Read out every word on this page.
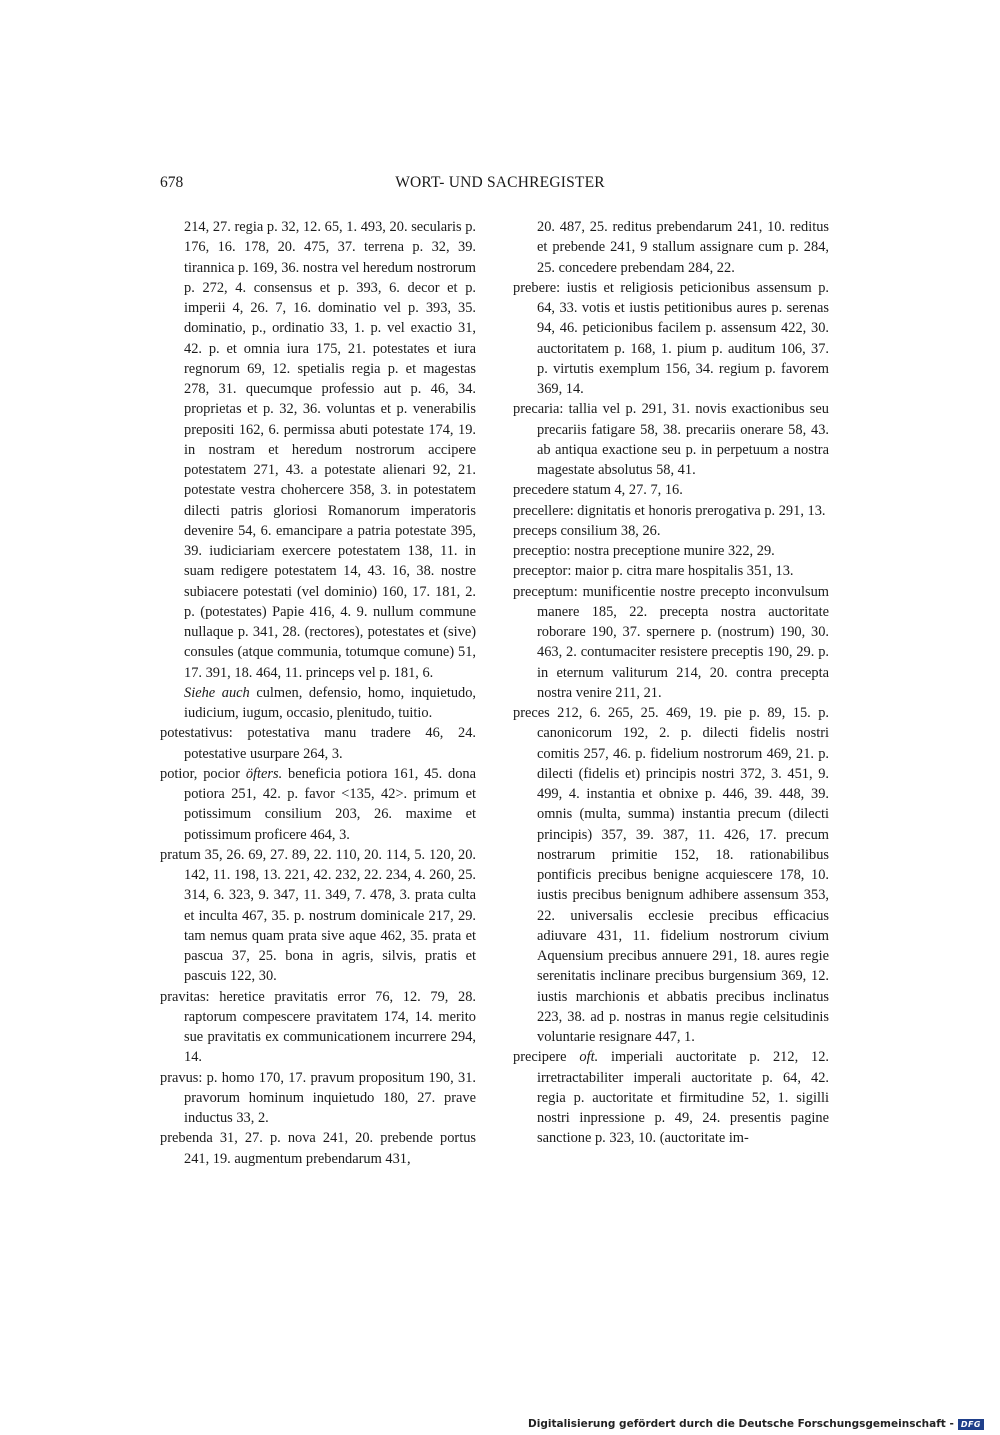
678	WORT- UND SACHREGISTER

214, 27. regia p. 32, 12. 65, 1. 493, 20. secularis p. 176, 16. 178, 20. 475, 37. terrena p. 32, 39. tirannica p. 169, 36. nostra vel heredum nostrorum p. 272, 4. consensus et p. 393, 6. decor et p. imperii 4, 26. 7, 16. dominatio vel p. 393, 35. dominatio, p., ordinatio 33, 1. p. vel exactio 31, 42. p. et omnia iura 175, 21. potestates et iura regnorum 69, 12. spetialis regia p. et magestas 278, 31. quecumque professio aut p. 46, 34. proprietas et p. 32, 36. voluntas et p. venerabilis prepositi 162, 6. permissa abuti potestate 174, 19. in nostram et heredum nostrorum accipere potestatem 271, 43. a potestate alienari 92, 21. potestate vestra chohercere 358, 3. in potestatem dilecti patris gloriosi Romanorum imperatoris devenire 54, 6. emancipare a patria potestate 395, 39. iudiciariam exercere potestatem 138, 11. in suam redigere potestatem 14, 43. 16, 38. nostre subiacere potestati (vel dominio) 160, 17. 181, 2. p. (potestates) Papie 416, 4. 9. nullum commune nullaque p. 341, 28. (rectores), potestates et (sive) consules (atque communia, totumque comune) 51, 17. 391, 18. 464, 11. princeps vel p. 181, 6.

Siehe auch culmen, defensio, homo, inquietudo, iudicium, iugum, occasio, plenitudo, tuitio.

potestativus: potestativa manu tradere 46, 24. potestative usurpare 264, 3.

potior, pocior öfters. beneficia potiora 161, 45. dona potiora 251, 42. p. favor <135, 42>. primum et potissimum consilium 203, 26. maxime et potissimum proficere 464, 3.

pratum 35, 26. 69, 27. 89, 22. 110, 20. 114, 5. 120, 20. 142, 11. 198, 13. 221, 42. 232, 22. 234, 4. 260, 25. 314, 6. 323, 9. 347, 11. 349, 7. 478, 3. prata culta et inculta 467, 35. p. nostrum dominicale 217, 29. tam nemus quam prata sive aque 462, 35. prata et pascua 37, 25. bona in agris, silvis, pratis et pascuis 122, 30.

pravitas: heretice pravitatis error 76, 12. 79, 28. raptorum compescere pravitatem 174, 14. merito sue pravitatis ex communicationem incurrere 294, 14.

pravus: p. homo 170, 17. pravum propositum 190, 31. pravorum hominum inquietudo 180, 27. prave inductus 33, 2.

prebenda 31, 27. p. nova 241, 20. prebende portus 241, 19. augmentum prebendarum 431,

20. 487, 25. reditus prebendarum 241, 10. reditus et prebende 241, 9 stallum assignare cum p. 284, 25. concedere prebendam 284, 22.

prebere: iustis et religiosis peticionibus assensum p. 64, 33. votis et iustis petitionibus aures p. serenas 94, 46. peticionibus facilem p. assensum 422, 30. auctoritatem p. 168, 1. pium p. auditum 106, 37. p. virtutis exemplum 156, 34. regium p. favorem 369, 14.

precaria: tallia vel p. 291, 31. novis exactionibus seu precariis fatigare 58, 38. precariis onerare 58, 43. ab antiqua exactione seu p. in perpetuum a nostra magestate absolutus 58, 41.

precedere statum 4, 27. 7, 16.

precellere: dignitatis et honoris prerogativa p. 291, 13.

preceps consilium 38, 26.

preceptio: nostra preceptione munire 322, 29.

preceptor: maior p. citra mare hospitalis 351, 13.

preceptum: munificentie nostre precepto inconvulsum manere 185, 22. precepta nostra auctoritate roborare 190, 37. spernere p. (nostrum) 190, 30. 463, 2. contumaciter resistere preceptis 190, 29. p. in eternum valiturum 214, 20. contra precepta nostra venire 211, 21.

preces 212, 6. 265, 25. 469, 19. pie p. 89, 15. p. canonicorum 192, 2. p. dilecti fidelis nostri comitis 257, 46. p. fidelium nostrorum 469, 21. p. dilecti (fidelis et) principis nostri 372, 3. 451, 9. 499, 4. instantia et obnixe p. 446, 39. 448, 39. omnis (multa, summa) instantia precum (dilecti principis) 357, 39. 387, 11. 426, 17. precum nostrarum primitie 152, 18. rationabilibus pontificis precibus benigne acquiescere 178, 10. iustis precibus benignum adhibere assensum 353, 22. universalis ecclesie precibus efficacius adiuvare 431, 11. fidelium nostrorum civium Aquensium precibus annuere 291, 18. aures regie serenitatis inclinare precibus burgensium 369, 12. iustis marchionis et abbatis precibus inclinatus 223, 38. ad p. nostras in manus regie celsitudinis voluntarie resignare 447, 1.

precipere oft. imperiali auctoritate p. 212, 12. irretractabiliter imperali auctoritate p. 64, 42. regia p. auctoritate et firmitudine 52, 1. sigilli nostri inpressione p. 49, 24. presentis pagine sanctione p. 323, 10. (auctoritate im-

Digitalisierung gefördert durch die Deutsche Forschungsgemeinschaft - DFG
